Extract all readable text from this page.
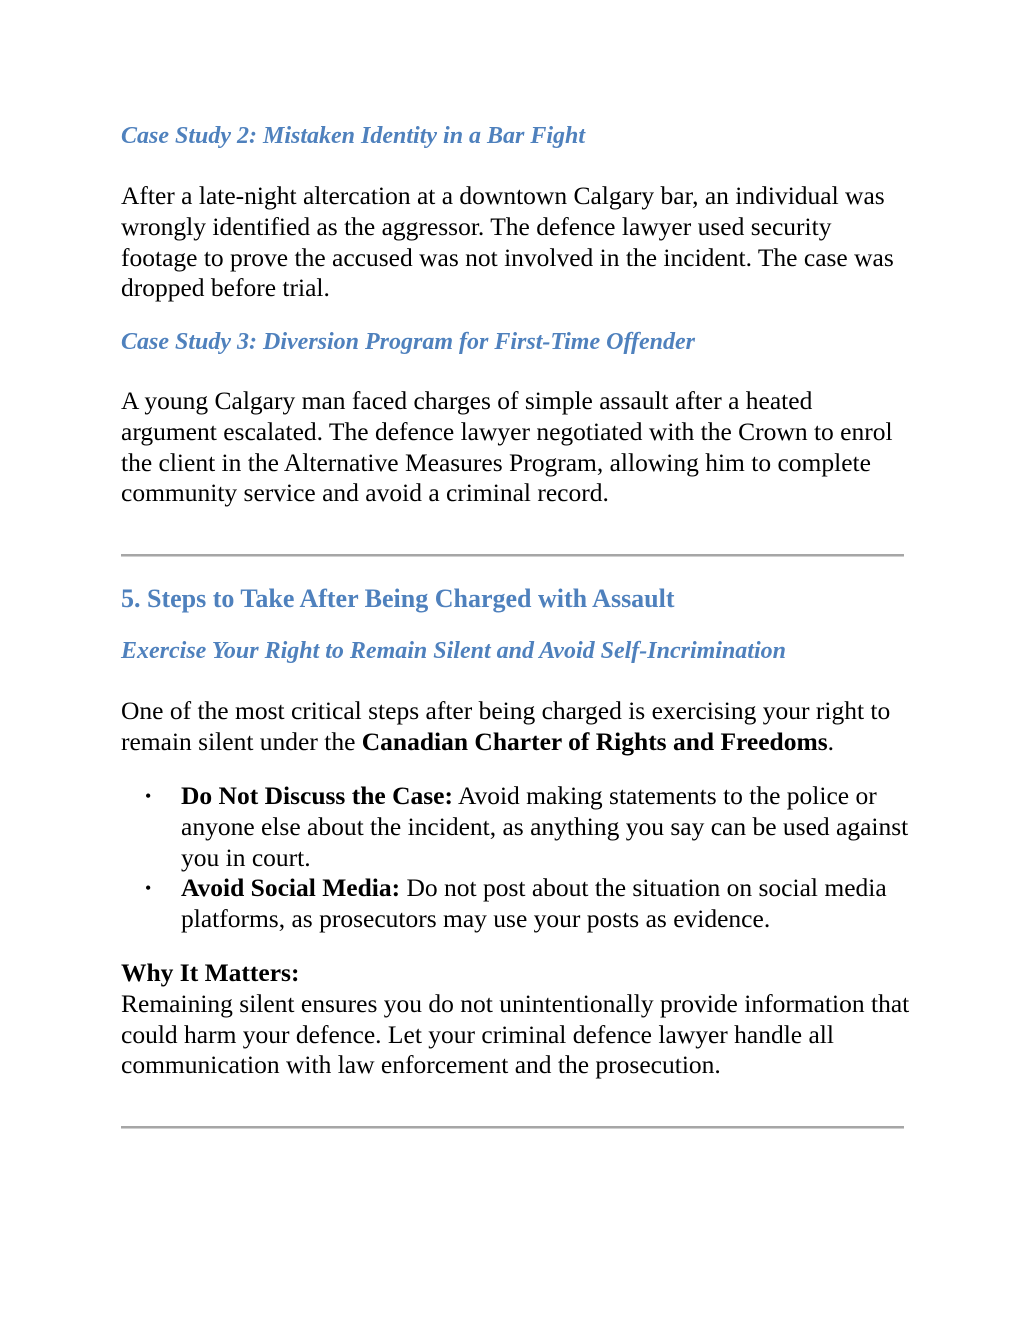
Case Study 2: Mistaken Identity in a Bar Fight

After a late-night altercation at a downtown Calgary bar, an individual was wrongly identified as the aggressor. The defence lawyer used security footage to prove the accused was not involved in the incident. The case was dropped before trial.

Case Study 3: Diversion Program for First-Time Offender

A young Calgary man faced charges of simple assault after a heated argument escalated. The defence lawyer negotiated with the Crown to enrol the client in the Alternative Measures Program, allowing him to complete community service and avoid a criminal record.

5. Steps to Take After Being Charged with Assault
Exercise Your Right to Remain Silent and Avoid Self-Incrimination

One of the most critical steps after being charged is exercising your right to remain silent under the Canadian Charter of Rights and Freedoms.

• Do Not Discuss the Case: Avoid making statements to the police or anyone else about the incident, as anything you say can be used against you in court.
• Avoid Social Media: Do not post about the situation on social media platforms, as prosecutors may use your posts as evidence.

Why It Matters:
Remaining silent ensures you do not unintentionally provide information that could harm your defence. Let your criminal defence lawyer handle all communication with law enforcement and the prosecution.
